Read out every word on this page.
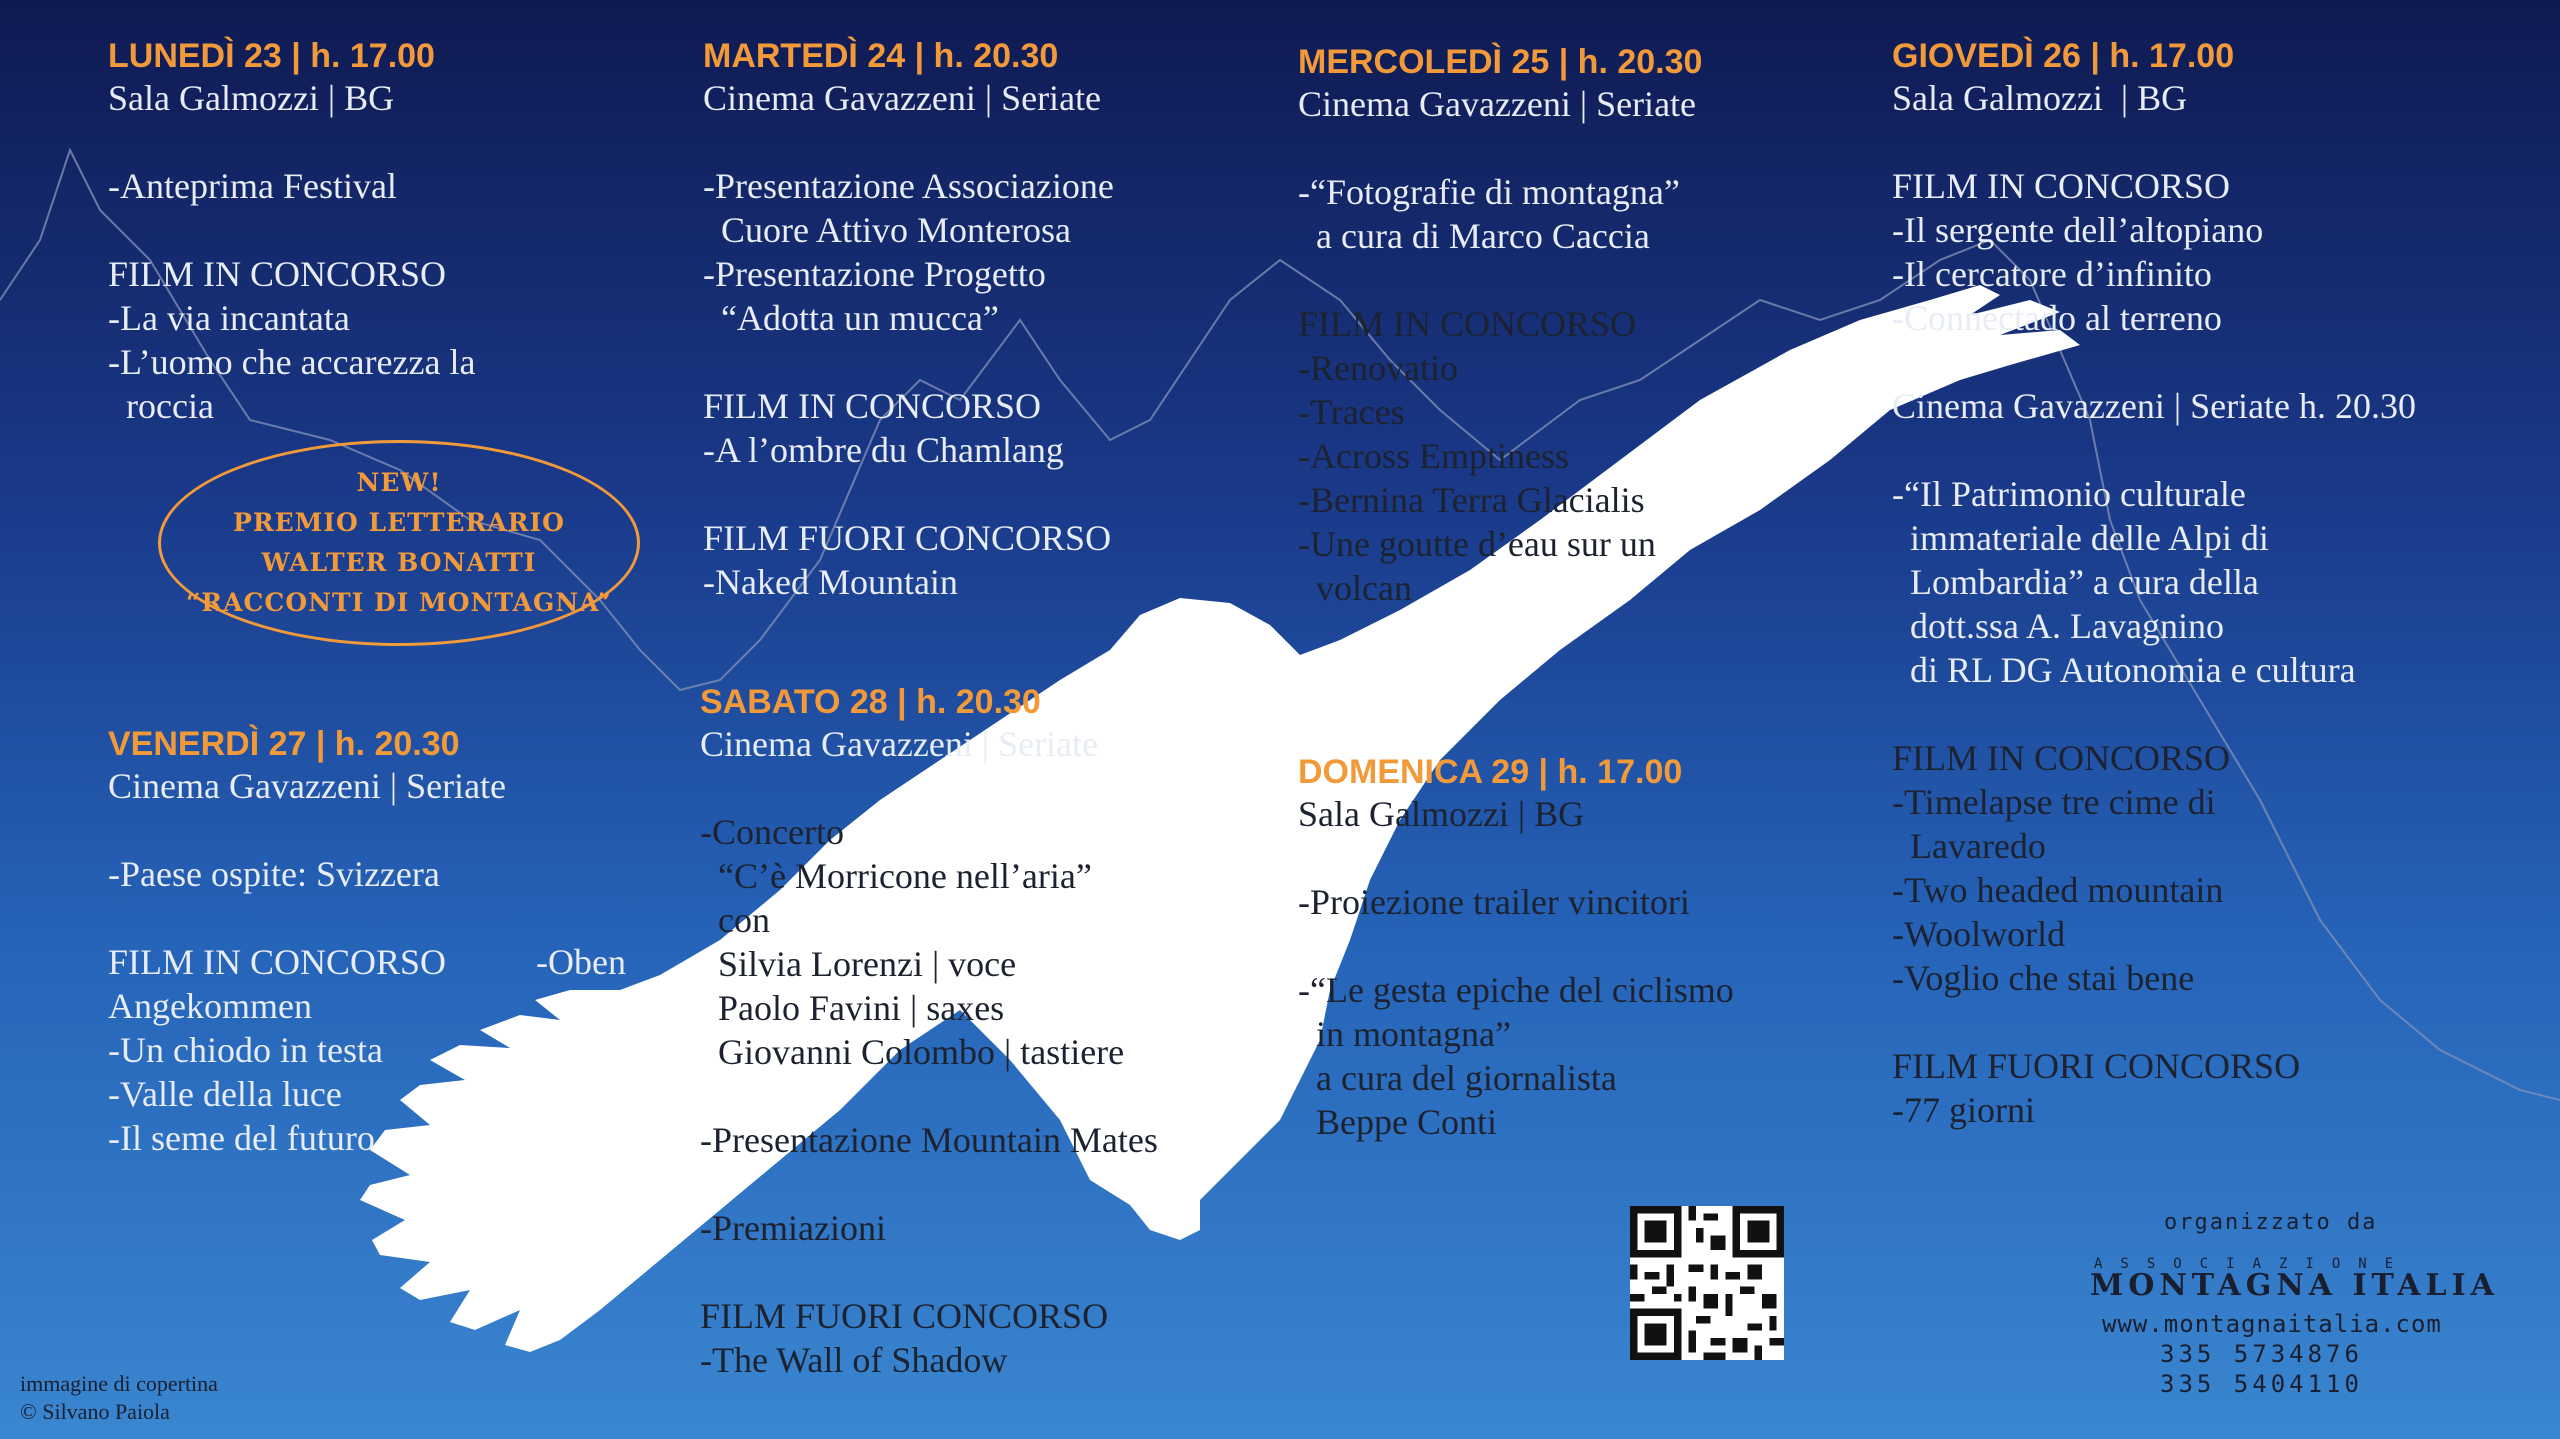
LUNEDÌ 23 | h. 17.00
Sala Galmozzi | BG

-Anteprima Festival

FILM IN CONCORSO
-La via incantata
-L’uomo che accarezza la
roccia
NEW!
PREMIO LETTERARIO
WALTER BONATTI
“RACCONTI DI MONTAGNA”
VENERDÌ 27 | h. 20.30
Cinema Gavazzeni | Seriate

-Paese ospite: Svizzera

FILM IN CONCORSO          -Oben
Angekommen
-Un chiodo in testa
-Valle della luce
-Il seme del futuro
MARTEDÌ 24 | h. 20.30
Cinema Gavazzeni | Seriate

-Presentazione Associazione
Cuore Attivo Monterosa
-Presentazione Progetto
“Adotta un mucca”

FILM IN CONCORSO
-A l’ombre du Chamlang

FILM FUORI CONCORSO
-Naked Mountain
SABATO 28 | h. 20.30
Cinema Gavazzeni | Seriate

-Concerto
“C’è Morricone nell’aria”
con
Silvia Lorenzi | voce
Paolo Favini | saxes
Giovanni Colombo | tastiere

-Presentazione Mountain Mates

-Premiazioni

FILM FUORI CONCORSO
-The Wall of Shadow
MERCOLEDÌ 25 | h. 20.30
Cinema Gavazzeni | Seriate

-“Fotografie di montagna”
a cura di Marco Caccia

FILM IN CONCORSO
-Renovatio
-Traces
-Across Emptiness
-Bernina Terra Glacialis
-Une goutte d’eau sur un
volcan
DOMENICA 29 | h. 17.00
Sala Galmozzi | BG

-Proiezione trailer vincitori

-“Le gesta epiche del ciclismo
in montagna”
a cura del giornalista
Beppe Conti
GIOVEDÌ 26 | h. 17.00
Sala Galmozzi  | BG

FILM IN CONCORSO
-Il sergente dell’altopiano
-Il cercatore d’infinito
-Connectado al terreno

Cinema Gavazzeni | Seriate h. 20.30

-“Il Patrimonio culturale
immateriale delle Alpi di
Lombardia” a cura della
dott.ssa A. Lavagnino
di RL DG Autonomia e cultura

FILM IN CONCORSO
-Timelapse tre cime di
Lavaredo
-Two headed mountain
-Woolworld
-Voglio che stai bene

FILM FUORI CONCORSO
-77 giorni
organizzato da
ASSOCIAZIONE
MONTAGNA ITALIA
www.montagnaitalia.com
335 5734876
335 5404110
immagine di copertina
© Silvano Paiola
